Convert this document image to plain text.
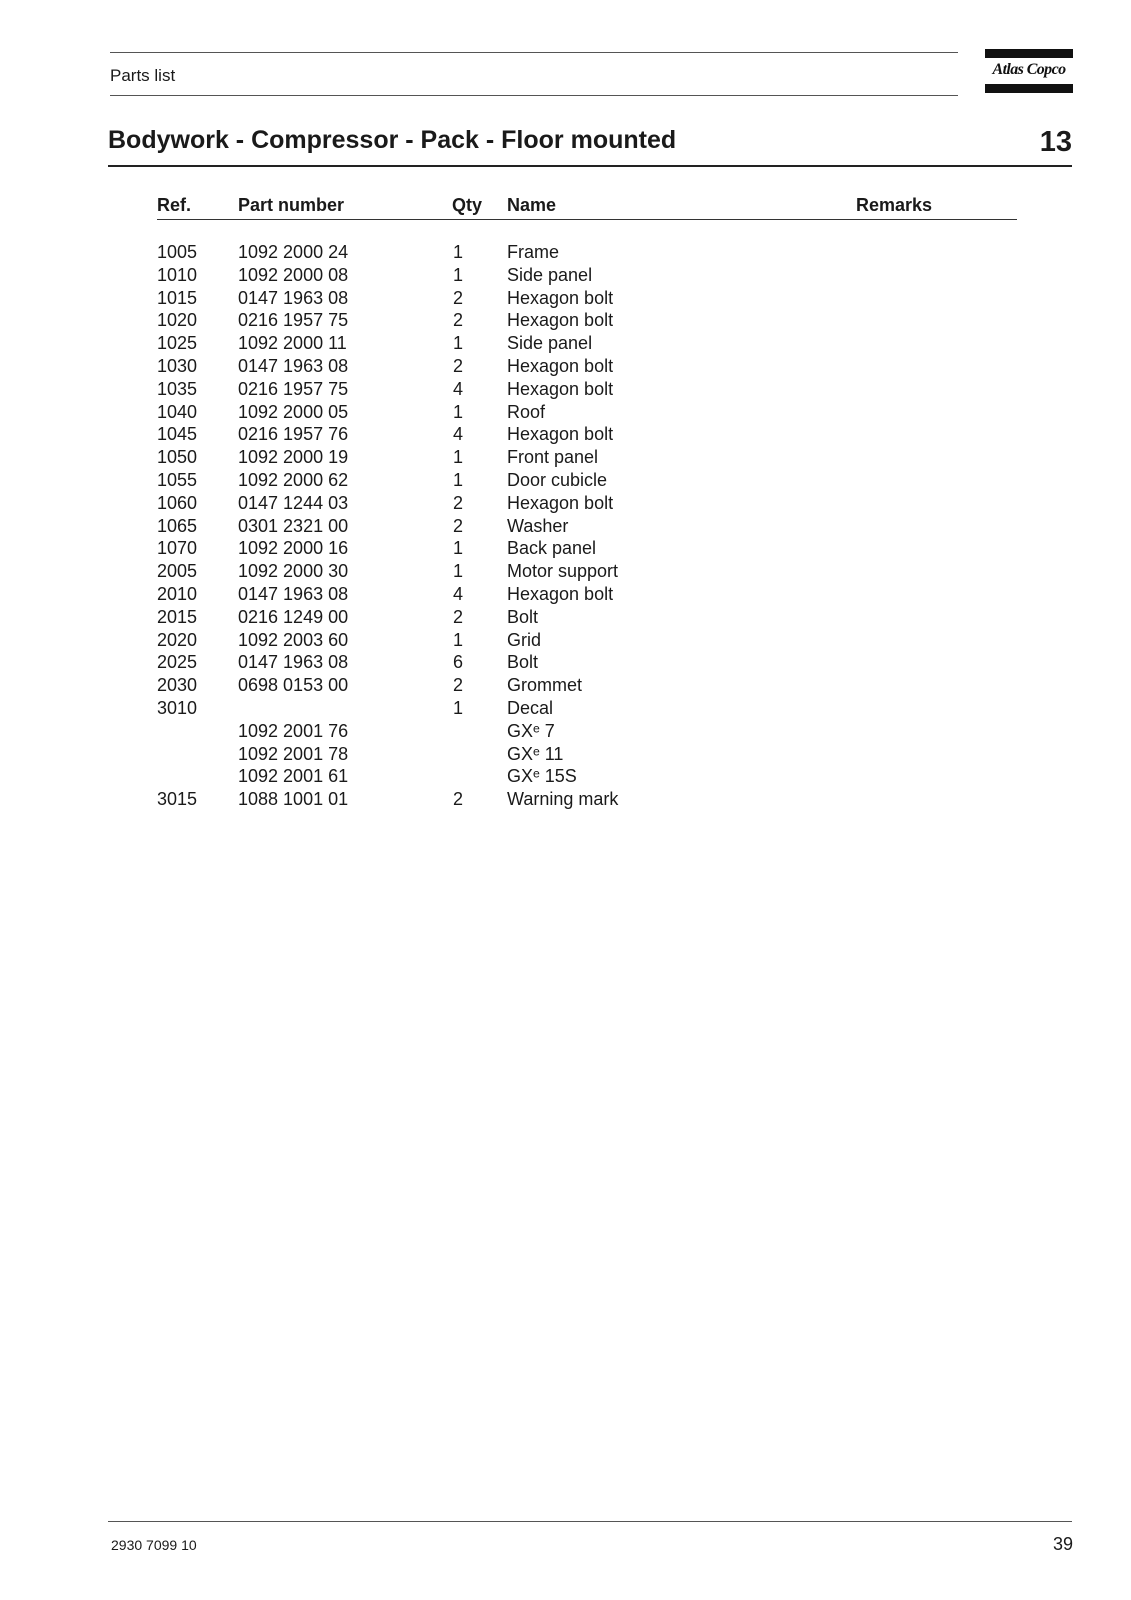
Parts list	Atlas Copco
Bodywork - Compressor - Pack - Floor mounted	13
Ref.	Part number	Qty Name	Remarks
1005 1092 2000 24	1 Frame
1010 1092 2000 08	1 Side panel
1015 0147 1963 08	2 Hexagon bolt
1020 0216 1957 75	2 Hexagon bolt
1025 1092 2000 11	1 Side panel
1030 0147 1963 08	2 Hexagon bolt
1035 0216 1957 75	4 Hexagon bolt
1040 1092 2000 05	1 Roof
1045 0216 1957 76	4 Hexagon bolt
1050 1092 2000 19	1 Front panel
1055 1092 2000 62	1 Door cubicle
1060 0147 1244 03	2 Hexagon bolt
1065 0301 2321 00	2 Washer
1070 1092 2000 16	1 Back panel
2005 1092 2000 30	1 Motor support
2010 0147 1963 08	4 Hexagon bolt
2015 0216 1249 00	2 Bolt
2020 1092 2003 60	1 Grid
2025 0147 1963 08	6 Bolt
2030 0698 0153 00	2 Grommet
3010	1 Decal
1092 2001 76	GXᵉ 7
1092 2001 78	GXᵉ 11
1092 2001 61	GXᵉ 15S
3015 1088 1001 01	2 Warning mark
2930 7099 10	39
